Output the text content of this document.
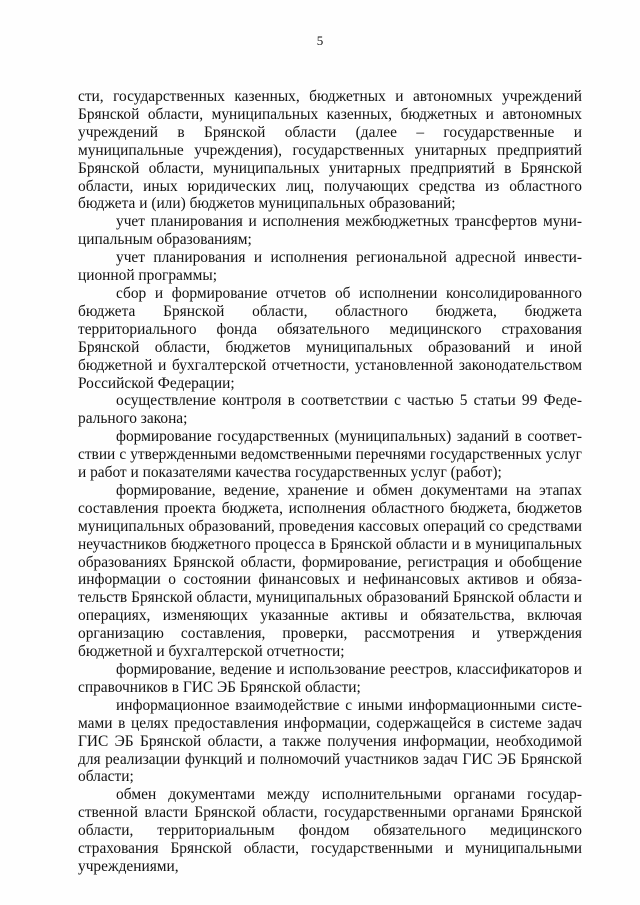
5

сти, государственных казенных, бюджетных и автономных учреждений Брянской области, муниципальных казенных, бюджетных и автономных учреждений в Брянской области (далее – государственные и муниципальные учреждения), государственных унитарных предприятий Брянской области, муниципальных унитарных предприятий в Брянской области, иных юридических лиц, получающих средства из областного бюджета и (или) бюджетов муниципальных образований;

учет планирования и исполнения межбюджетных трансфертов муниципальным образованиям;

учет планирования и исполнения региональной адресной инвестиционной программы;

сбор и формирование отчетов об исполнении консолидированного бюджета Брянской области, областного бюджета, бюджета территориального фонда обязательного медицинского страхования Брянской области, бюджетов муниципальных образований и иной бюджетной и бухгалтерской отчетности, установленной законодательством Российской Федерации;

осуществление контроля в соответствии с частью 5 статьи 99 Федерального закона;

формирование государственных (муниципальных) заданий в соответствии с утвержденными ведомственными перечнями государственных услуг и работ и показателями качества государственных услуг (работ);

формирование, ведение, хранение и обмен документами на этапах составления проекта бюджета, исполнения областного бюджета, бюджетов муниципальных образований, проведения кассовых операций со средствами неучастников бюджетного процесса в Брянской области и в муниципальных образованиях Брянской области, формирование, регистрация и обобщение информации о состоянии финансовых и нефинансовых активов и обязательств Брянской области, муниципальных образований Брянской области и операциях, изменяющих указанные активы и обязательства, включая организацию составления, проверки, рассмотрения и утверждения бюджетной и бухгалтерской отчетности;

формирование, ведение и использование реестров, классификаторов и справочников в ГИС ЭБ Брянской области;

информационное взаимодействие с иными информационными системами в целях предоставления информации, содержащейся в системе задач ГИС ЭБ Брянской области, а также получения информации, необходимой для реализации функций и полномочий участников задач ГИС ЭБ Брянской области;

обмен документами между исполнительными органами государственной власти Брянской области, государственными органами Брянской области, территориальным фондом обязательного медицинского страхования Брянской области, государственными и муниципальными учреждениями,
